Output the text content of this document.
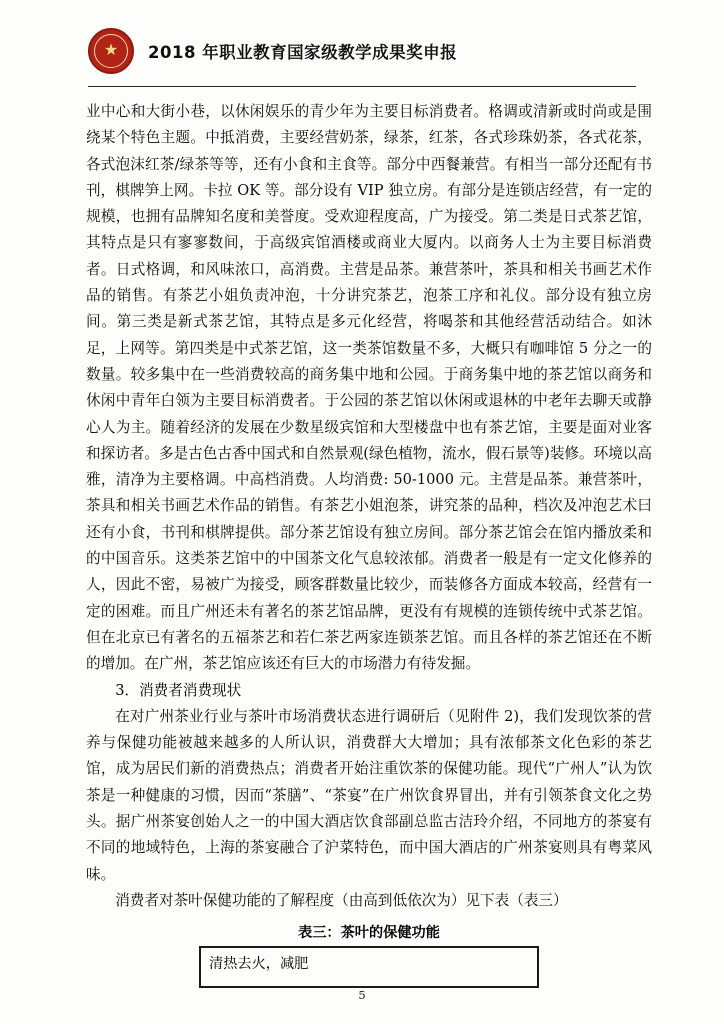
★ 2018 年职业教育国家级教学成果奖申报

业中心和大街小巷，以休闲娱乐的青少年为主要目标消费者。格调或清新或时尚或是围绕某个特色主题。中抵消费，主要经营奶茶，绿茶，红茶，各式珍珠奶茶，各式花茶，各式泡沫红茶/绿茶等等，还有小食和主食等。部分中西餐兼营。有相当一部分还配有书刊，棋牌笋上网。卡拉 OK 等。部分设有 VIP 独立房。有部分是连锁店经营，有一定的规模，也拥有品牌知名度和美誉度。受欢迎程度高，广为接受。第二类是日式茶艺馆，其特点是只有寥寥数间，于高级宾馆酒楼或商业大厦内。以商务人士为主要目标消费者。日式格调，和风味浓口，高消费。主营是品茶。兼营茶叶，茶具和相关书画艺术作品的销售。有茶艺小姐负责冲泡，十分讲究茶艺，泡茶工序和礼仪。部分设有独立房间。第三类是新式茶艺馆，其特点是多元化经营，将喝茶和其他经营活动结合。如沐足，上网等。第四类是中式茶艺馆，这一类茶馆数量不多，大概只有咖啡馆 5 分之一的数量。较多集中在一些消费较高的商务集中地和公园。于商务集中地的茶艺馆以商务和休闲中青年白领为主要目标消费者。于公园的茶艺馆以休闲或退林的中老年去聊天或静心人为主。随着经济的发展在少数星级宾馆和大型楼盘中也有茶艺馆，主要是面对业客和探访者。多是古色古香中国式和自然景观(绿色植物，流水，假石景等)装修。环境以高雅，清净为主要格调。中高档消费。人均消费: 50-1000 元。主营是品茶。兼营茶叶，茶具和相关书画艺术作品的销售。有茶艺小姐泡茶，讲究茶的品种，档次及冲泡艺术曰还有小食，书刊和棋牌提供。部分茶艺馆设有独立房间。部分茶艺馆会在馆内播放柔和的中国音乐。这类茶艺馆中的中国茶文化气息较浓郁。消费者一般是有一定文化修养的人，因此不密，易被广为接受，顾客群数量比较少，而装修各方面成本较高，经营有一定的困难。而且广州还未有著名的茶艺馆品牌，更没有有规模的连锁传统中式茶艺馆。但在北京已有著名的五福茶艺和若仁茶艺两家连锁茶艺馆。而且各样的茶艺馆还在不断的增加。在广州，茶艺馆应该还有巨大的市场潜力有待发掘。

3．消费者消费现状

在对广州茶业行业与茶叶市场消费状态进行调研后（见附件 2)，我们发现饮茶的营养与保健功能被越来越多的人所认识，消费群大大增加；具有浓郁茶文化色彩的茶艺馆，成为居民们新的消费热点；消费者开始注重饮茶的保健功能。现代“广州人”认为饮茶是一种健康的习惯，因而“茶膳”、“茶宴”在广州饮食界冒出，并有引领茶食文化之势头。据广州茶宴创始人之一的中国大酒店饮食部副总监古洁玲介绍，不同地方的茶宴有不同的地域特色，上海的茶宴融合了沪菜特色，而中国大酒店的广州茶宴则具有粤菜风味。

消费者对茶叶保健功能的了解程度（由高到低依次为）见下表（表三）

表三：茶叶的保健功能
清热去火，减肥
5
